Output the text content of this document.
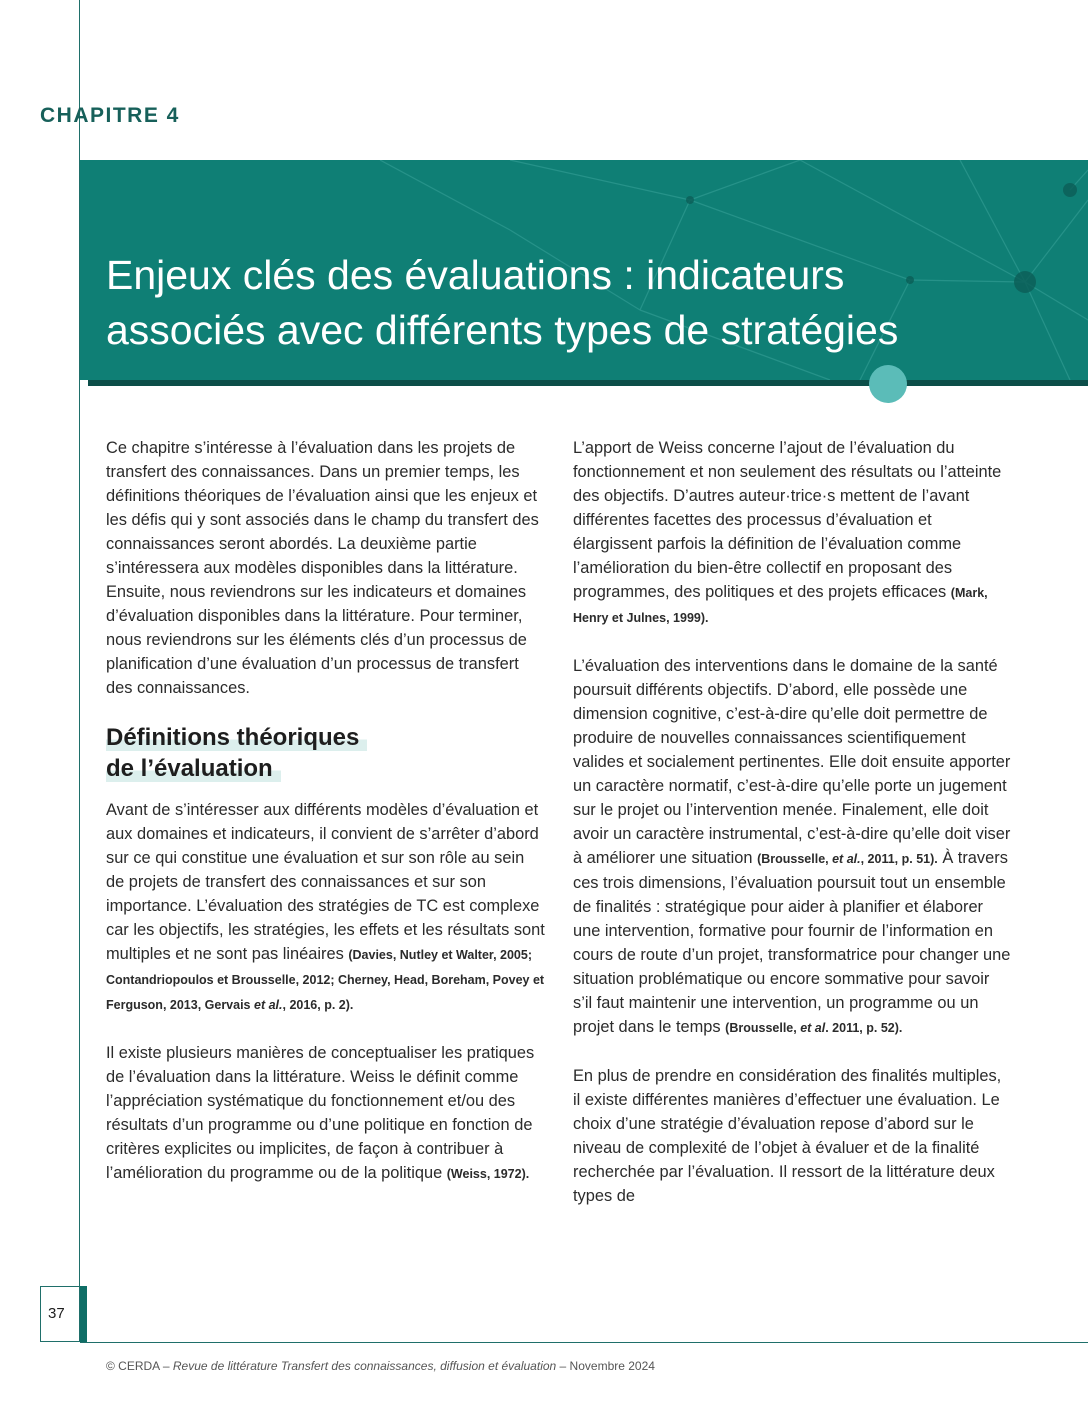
CHAPITRE 4
Enjeux clés des évaluations : indicateurs
associés avec différents types de stratégies

Ce chapitre s’intéresse à l’évaluation dans les projets de transfert des connaissances. Dans un premier temps, les définitions théoriques de l’évaluation ainsi que les enjeux et les défis qui y sont associés dans le champ du transfert des connaissances seront abordés. La deuxième partie s’intéressera aux modèles disponibles dans la littérature. Ensuite, nous reviendrons sur les indicateurs et domaines d’évaluation disponibles dans la littérature. Pour terminer, nous reviendrons sur les éléments clés d’un processus de planification d’une évaluation d’un processus de transfert des connaissances.

Définitions théoriques
de l’évaluation

Avant de s’intéresser aux différents modèles d’évaluation et aux domaines et indicateurs, il convient de s’arrêter d’abord sur ce qui constitue une évaluation et sur son rôle au sein de projets de transfert des connaissances et sur son importance. L’évaluation des stratégies de TC est complexe car les objectifs, les stratégies, les effets et les résultats sont multiples et ne sont pas linéaires (Davies, Nutley et Walter, 2005; Contandriopoulos et Brousselle, 2012; Cherney, Head, Boreham, Povey et Ferguson, 2013, Gervais et al., 2016, p. 2).

Il existe plusieurs manières de conceptualiser les pratiques de l’évaluation dans la littérature. Weiss le définit comme l’appréciation systématique du fonctionnement et/ou des résultats d’un programme ou d’une politique en fonction de critères explicites ou implicites, de façon à contribuer à l’amélioration du programme ou de la politique (Weiss, 1972).

L’apport de Weiss concerne l’ajout de l’évaluation du fonctionnement et non seulement des résultats ou l’atteinte des objectifs. D’autres auteur·trice·s mettent de l’avant différentes facettes des processus d’évaluation et élargissent parfois la définition de l’évaluation comme l’amélioration du bien-être collectif en proposant des programmes, des politiques et des projets efficaces (Mark, Henry et Julnes, 1999).

L’évaluation des interventions dans le domaine de la santé poursuit différents objectifs. D’abord, elle possède une dimension cognitive, c’est-à-dire qu’elle doit permettre de produire de nouvelles connaissances scientifiquement valides et socialement pertinentes. Elle doit ensuite apporter un caractère normatif, c’est-à-dire qu’elle porte un jugement sur le projet ou l’intervention menée. Finalement, elle doit avoir un caractère instrumental, c’est-à-dire qu’elle doit viser à améliorer une situation (Brousselle, et al., 2011, p. 51). À travers ces trois dimensions, l’évaluation poursuit tout un ensemble de finalités : stratégique pour aider à planifier et élaborer une intervention, formative pour fournir de l’information en cours de route d’un projet, transformatrice pour changer une situation problématique ou encore sommative pour savoir s’il faut maintenir une intervention, un programme ou un projet dans le temps (Brousselle, et al. 2011, p. 52).

En plus de prendre en considération des finalités multiples, il existe différentes manières d’effectuer une évaluation. Le choix d’une stratégie d’évaluation repose d’abord sur le niveau de complexité de l’objet à évaluer et de la finalité recherchée par l’évaluation. Il ressort de la littérature deux types de

37
© CERDA – Revue de littérature Transfert des connaissances, diffusion et évaluation – Novembre 2024
